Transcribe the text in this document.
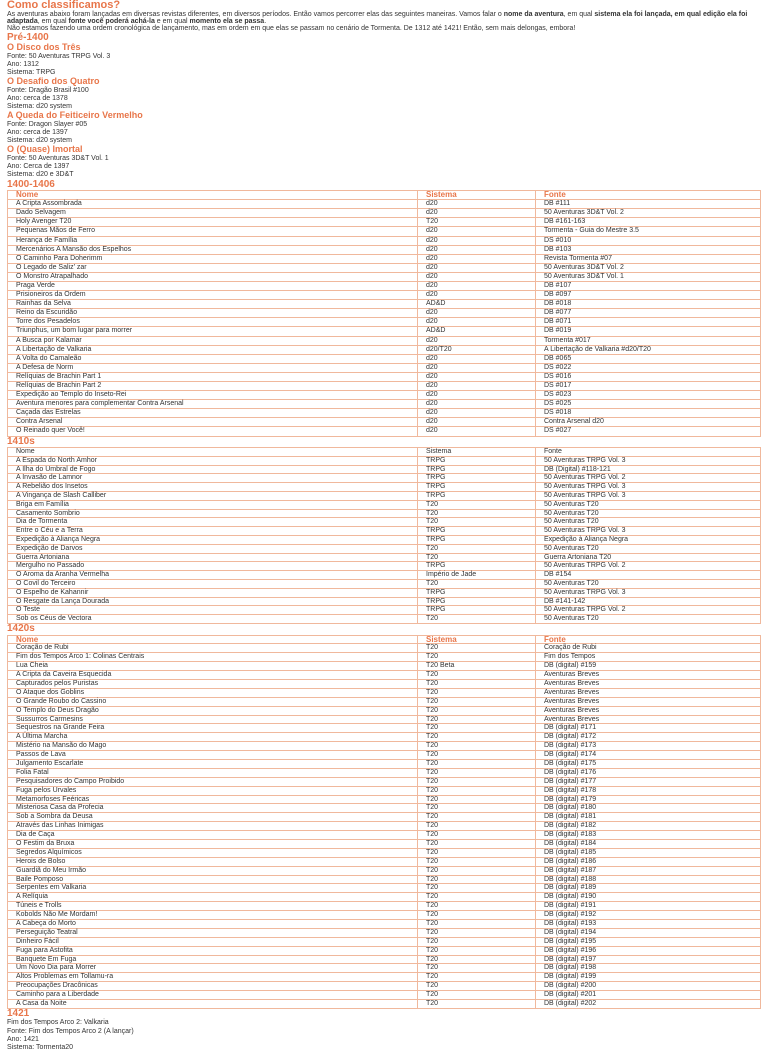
Como classificamos?
As aventuras abaixo foram lançadas em diversas revistas diferentes, em diversos períodos. Então vamos percorrer elas das seguintes maneiras. Vamos falar o nome da aventura, em qual sistema ela foi lançada, em qual edição ela foi adaptada, em qual fonte você poderá achá-la e em qual momento ela se passa.
Não estamos fazendo uma ordem cronológica de lançamento, mas em ordem em que elas se passam no cenário de Tormenta. De 1312 até 1421! Então, sem mais delongas, embora!
Pré-1400
O Disco dos Três
Fonte: 50 Aventuras TRPG Vol. 3
Ano: 1312
Sistema: TRPG
O Desafio dos Quatro
Fonte: Dragão Brasil #100
Ano: cerca de 1378
Sistema: d20 system
A Queda do Feiticeiro Vermelho
Fonte: Dragon Slayer #05
Ano: cerca de 1397
Sistema: d20 system
O (Quase) Imortal
Fonte: 50 Aventuras 3D&T Vol. 1
Ano: Cerca de 1397
Sistema: d20 e 3D&T
1400-1406
Nome	Sistema	Fonte
A Cripta Assombrada	d20	DB #111
Dado Selvagem	d20	50 Aventuras 3D&T Vol. 2
Holy Avenger T20	T20	DB #161-163
Pequenas Mãos de Ferro	d20	Tormenta - Guia do Mestre 3.5
Herança de Família	d20	DS #010
Mercenários A Mansão dos Espelhos	d20	DB #103
O Caminho Para Doherimm	d20	Revista Tormenta #07
O Legado de Saliz' zar	d20	50 Aventuras 3D&T Vol. 2
O Monstro Atrapalhado	d20	50 Aventuras 3D&T Vol. 1
Praga Verde	d20	DB #107
Prisioneiros da Ordem	d20	DB #097
Rainhas da Selva	AD&D	DB #018
Reino da Escuridão	d20	DB #077
Torre dos Pesadelos	d20	DB #071
Triunphus, um bom lugar para morrer	AD&D	DB #019
A Busca por Kalamar	d20	Tormenta #017
A Libertação de Valkaria	d20/T20	A Libertação de Valkaria #d20/T20
A Volta do Camaleão	d20	DB #065
A Defesa de Norm	d20	DS #022
Relíquias de Brachin Part 1	d20	DS #016
Relíquias de Brachin Part 2	d20	DS #017
Expedição ao Templo do Inseto-Rei	d20	DS #023
Aventura menores para complementar Contra Arsenal	d20	DS #025
Caçada das Estrelas	d20	DS #018
Contra Arsenal	d20	Contra Arsenal d20
O Reinado quer Você!	d20	DS #027
1410s
Nome	Sistema	Fonte
A Espada do North Amhor	TRPG	50 Aventuras TRPG Vol. 3
A Ilha do Umbral de Fogo	TRPG	DB (Digital) #118-121
A Invasão de Lamnor	TRPG	50 Aventuras TRPG Vol. 2
A Rebelião dos Insetos	TRPG	50 Aventuras TRPG Vol. 3
A Vingança de Slash Calliber	TRPG	50 Aventuras TRPG Vol. 3
Briga em Família	T20	50 Aventuras T20
Casamento Sombrio	T20	50 Aventuras T20
Dia de Tormenta	T20	50 Aventuras T20
Entre o Céu e a Terra	TRPG	50 Aventuras TRPG Vol. 3
Expedição à Aliança Negra	TRPG	Expedição à Aliança Negra
Expedição de Darvos	T20	50 Aventuras T20
Guerra Artoniana	T20	Guerra Artoniana T20
Mergulho no Passado	TRPG	50 Aventuras TRPG Vol. 2
O Aroma da Aranha Vermelha	Império de Jade	DB #154
O Covil do Terceiro	T20	50 Aventuras T20
O Espelho de Kahannir	TRPG	50 Aventuras TRPG Vol. 3
O Resgate da Lança Dourada	TRPG	DB #141-142
O Teste	TRPG	50 Aventuras TRPG Vol. 2
Sob os Céus de Vectora	T20	50 Aventuras T20
1420s
Nome	Sistema	Fonte
Coração de Rubi	T20	Coração de Rubi
Fim dos Tempos Arco 1: Colinas Centrais	T20	Fim dos Tempos
Lua Cheia	T20 Beta	DB (digital) #159
A Cripta da Caveira Esquecida	T20	Aventuras Breves
Capturados pelos Puristas	T20	Aventuras Breves
O Ataque dos Goblins	T20	Aventuras Breves
O Grande Roubo do Cassino	T20	Aventuras Breves
O Templo do Deus Dragão	T20	Aventuras Breves
Sussurros Carmesins	T20	Aventuras Breves
Sequestros na Grande Feira	T20	DB (digital) #171
A Última Marcha	T20	DB (digital) #172
Mistério na Mansão do Mago	T20	DB (digital) #173
Passos de Lava	T20	DB (digital) #174
Julgamento Escarlate	T20	DB (digital) #175
Folia Fatal	T20	DB (digital) #176
Pesquisadores do Campo Proibido	T20	DB (digital) #177
Fuga pelos Urvales	T20	DB (digital) #178
Metamorfoses Feéricas	T20	DB (digital) #179
Misteriosa Casa da Profecia	T20	DB (digital) #180
Sob a Sombra da Deusa	T20	DB (digital) #181
Através das Linhas Inimigas	T20	DB (digital) #182
Dia de Caça	T20	DB (digital) #183
O Festim da Bruxa	T20	DB (digital) #184
Segredos Alquímicos	T20	DB (digital) #185
Herois de Bolso	T20	DB (digital) #186
Guardiã do Meu Irmão	T20	DB (digital) #187
Baile Pomposo	T20	DB (digital) #188
Serpentes em Valkaria	T20	DB (digital) #189
A Relíquia	T20	DB (digital) #190
Túneis e Trolls	T20	DB (digital) #191
Kobolds Não Me Mordam!	T20	DB (digital) #192
A Cabeça do Morto	T20	DB (digital) #193
Perseguição Teatral	T20	DB (digital) #194
Dinheiro Fácil	T20	DB (digital) #195
Fuga para Astofita	T20	DB (digital) #196
Banquete Em Fuga	T20	DB (digital) #197
Um Novo Dia para Morrer	T20	DB (digital) #198
Altos Problemas em Tollamu-ra	T20	DB (digital) #199
Preocupações Dracônicas	T20	DB (digital) #200
Caminho para a Liberdade	T20	DB (digital) #201
A Casa da Noite	T20	DB (digital) #202
1421
Fim dos Tempos Arco 2: Valkaria
Fonte: Fim dos Tempos Arco 2 (A lançar)
Ano: 1421
Sistema: Tormenta20
